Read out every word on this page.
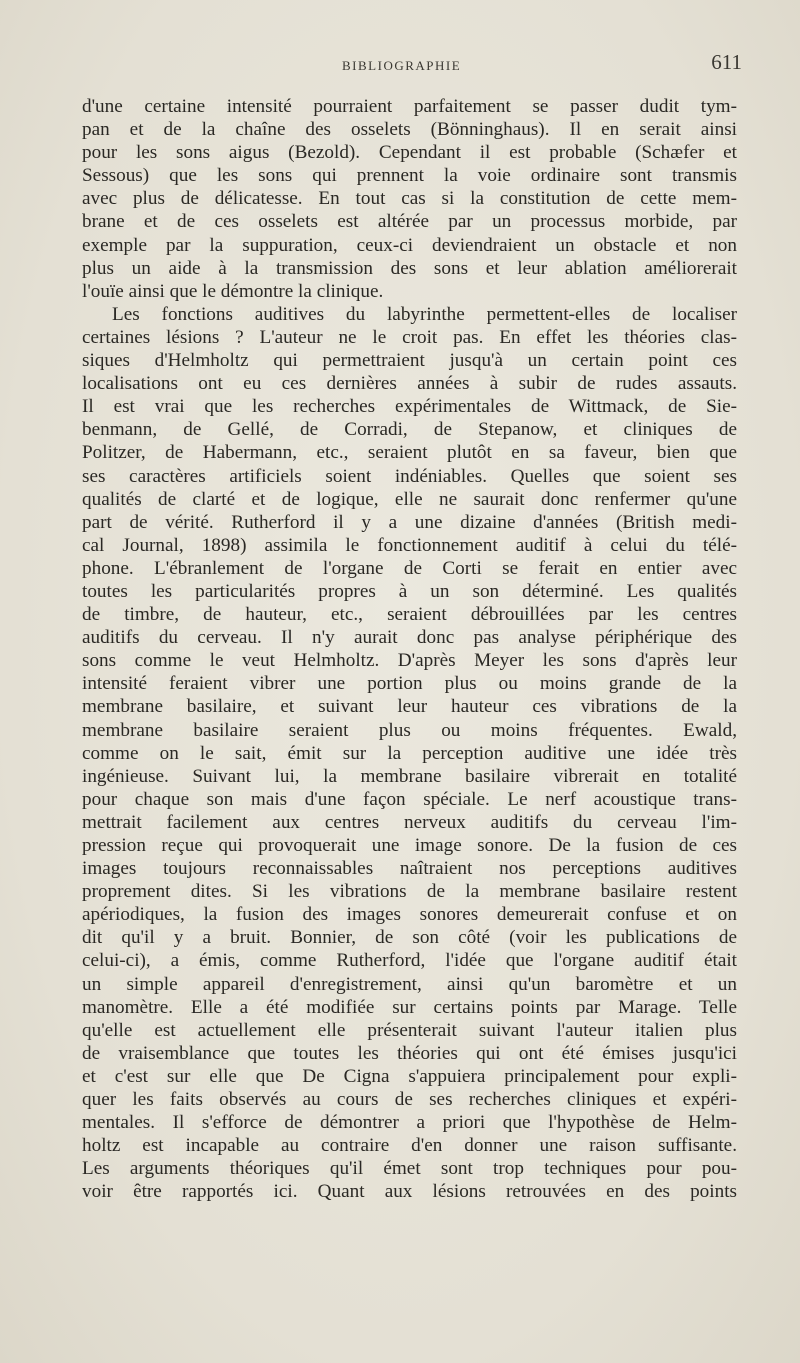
BIBLIOGRAPHIE	611
d'une certaine intensité pourraient parfaitement se passer dudit tym-
pan et de la chaîne des osselets (Bönninghaus). Il en serait ainsi
pour les sons aigus (Bezold). Cependant il est probable (Schæfer et
Sessous) que les sons qui prennent la voie ordinaire sont transmis
avec plus de délicatesse. En tout cas si la constitution de cette mem-
brane et de ces osselets est altérée par un processus morbide, par
exemple par la suppuration, ceux-ci deviendraient un obstacle et non
plus un aide à la transmission des sons et leur ablation améliorerait
l'ouïe ainsi que le démontre la clinique.
Les fonctions auditives du labyrinthe permettent-elles de localiser
certaines lésions ? L'auteur ne le croit pas. En effet les théories clas-
siques d'Helmholtz qui permettraient jusqu'à un certain point ces
localisations ont eu ces dernières années à subir de rudes assauts.
Il est vrai que les recherches expérimentales de Wittmack, de Sie-
benmann, de Gellé, de Corradi, de Stepanow, et cliniques de
Politzer, de Habermann, etc., seraient plutôt en sa faveur, bien que
ses caractères artificiels soient indéniables. Quelles que soient ses
qualités de clarté et de logique, elle ne saurait donc renfermer qu'une
part de vérité. Rutherford il y a une dizaine d'années (British medi-
cal Journal, 1898) assimila le fonctionnement auditif à celui du télé-
phone. L'ébranlement de l'organe de Corti se ferait en entier avec
toutes les particularités propres à un son déterminé. Les qualités
de timbre, de hauteur, etc., seraient débrouillées par les centres
auditifs du cerveau. Il n'y aurait donc pas analyse périphérique des
sons comme le veut Helmholtz. D'après Meyer les sons d'après leur
intensité feraient vibrer une portion plus ou moins grande de la
membrane basilaire, et suivant leur hauteur ces vibrations de la
membrane basilaire seraient plus ou moins fréquentes. Ewald,
comme on le sait, émit sur la perception auditive une idée très
ingénieuse. Suivant lui, la membrane basilaire vibrerait en totalité
pour chaque son mais d'une façon spéciale. Le nerf acoustique trans-
mettrait facilement aux centres nerveux auditifs du cerveau l'im-
pression reçue qui provoquerait une image sonore. De la fusion de ces
images toujours reconnaissables naîtraient nos perceptions auditives
proprement dites. Si les vibrations de la membrane basilaire restent
apériodiques, la fusion des images sonores demeurerait confuse et on
dit qu'il y a bruit. Bonnier, de son côté (voir les publications de
celui-ci), a émis, comme Rutherford, l'idée que l'organe auditif était
un simple appareil d'enregistrement, ainsi qu'un baromètre et un
manomètre. Elle a été modifiée sur certains points par Marage. Telle
qu'elle est actuellement elle présenterait suivant l'auteur italien plus
de vraisemblance que toutes les théories qui ont été émises jusqu'ici
et c'est sur elle que De Cigna s'appuiera principalement pour expli-
quer les faits observés au cours de ses recherches cliniques et expéri-
mentales. Il s'efforce de démontrer a priori que l'hypothèse de Helm-
holtz est incapable au contraire d'en donner une raison suffisante.
Les arguments théoriques qu'il émet sont trop techniques pour pou-
voir être rapportés ici. Quant aux lésions retrouvées en des points
